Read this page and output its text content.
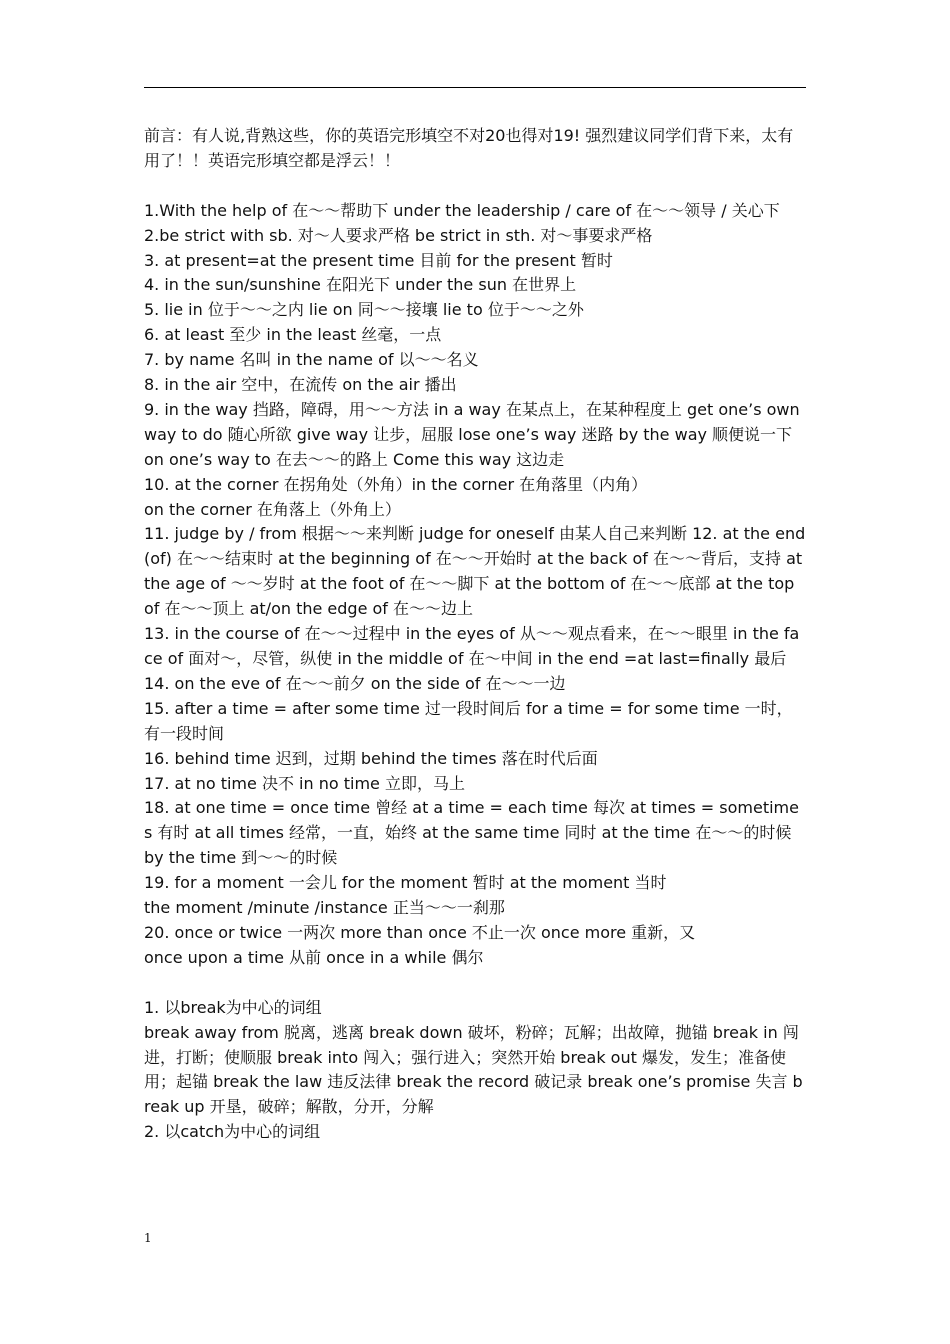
前言：有人说,背熟这些，你的英语完形填空不对20也得对19! 强烈建议同学们背下来，太有用了！！英语完形填空都是浮云！！

1.With the help of 在～～帮助下 under the leadership / care of 在～～领导 / 关心下

2.be strict with sb. 对～人要求严格 be strict in sth. 对～事要求严格

3. at present=at the present time 目前 for the present 暂时

4. in the sun/sunshine 在阳光下 under the sun 在世界上

5. lie in 位于～～之内 lie on 同～～接壤 lie to 位于～～之外

6. at least 至少 in the least 丝毫，一点

7. by name 名叫 in the name of 以～～名义

8. in the air 空中，在流传 on the air 播出

9. in the way 挡路，障碍，用～～方法 in a way 在某点上，在某种程度上 get one’s own way to do 随心所欲 give way 让步，屈服 lose one’s way 迷路 by the way 顺便说一下 on one’s way to 在去～～的路上 Come this way 这边走

10. at the corner 在拐角处（外角）in the corner 在角落里（内角）

on the corner 在角落上（外角上）

11. judge by / from 根据～～来判断 judge for oneself 由某人自己来判断 12. at the end (of) 在～～结束时 at the beginning of 在～～开始时 at the back of 在～～背后，支持 at the age of ～～岁时 at the foot of 在～～脚下 at the bottom of 在～～底部 at the top of 在～～顶上 at/on the edge of 在～～边上

13. in the course of 在～～过程中 in the eyes of 从～～观点看来，在～～眼里 in the face of 面对～，尽管，纵使 in the middle of 在～中间 in the end =at last=finally 最后

14. on the eve of 在～～前夕 on the side of 在～～一边

15. after a time = after some time 过一段时间后 for a time = for some time 一时，有一段时间

16. behind time 迟到，过期 behind the times 落在时代后面

17. at no time 决不 in no time 立即，马上

18. at one time = once time 曾经 at a time = each time 每次 at times = sometimes 有时 at all times 经常，一直，始终 at the same time 同时 at the time 在～～的时候 by the time 到～～的时候

19. for a moment 一会儿 for the moment 暂时 at the moment 当时

the moment /minute /instance 正当～～一刹那

20. once or twice 一两次 more than once 不止一次 once more 重新，又

once upon a time 从前 once in a while 偶尔

1. 以break为中心的词组

break away from 脱离，逃离 break down 破坏，粉碎；瓦解；出故障，抛锚 break in 闯进，打断；使顺服 break into 闯入；强行进入；突然开始 break out 爆发，发生；准备使用；起锚 break the law 违反法律 break the record 破记录 break one’s promise 失言 break up 开垦，破碎；解散，分开，分解

2. 以catch为中心的词组

1
